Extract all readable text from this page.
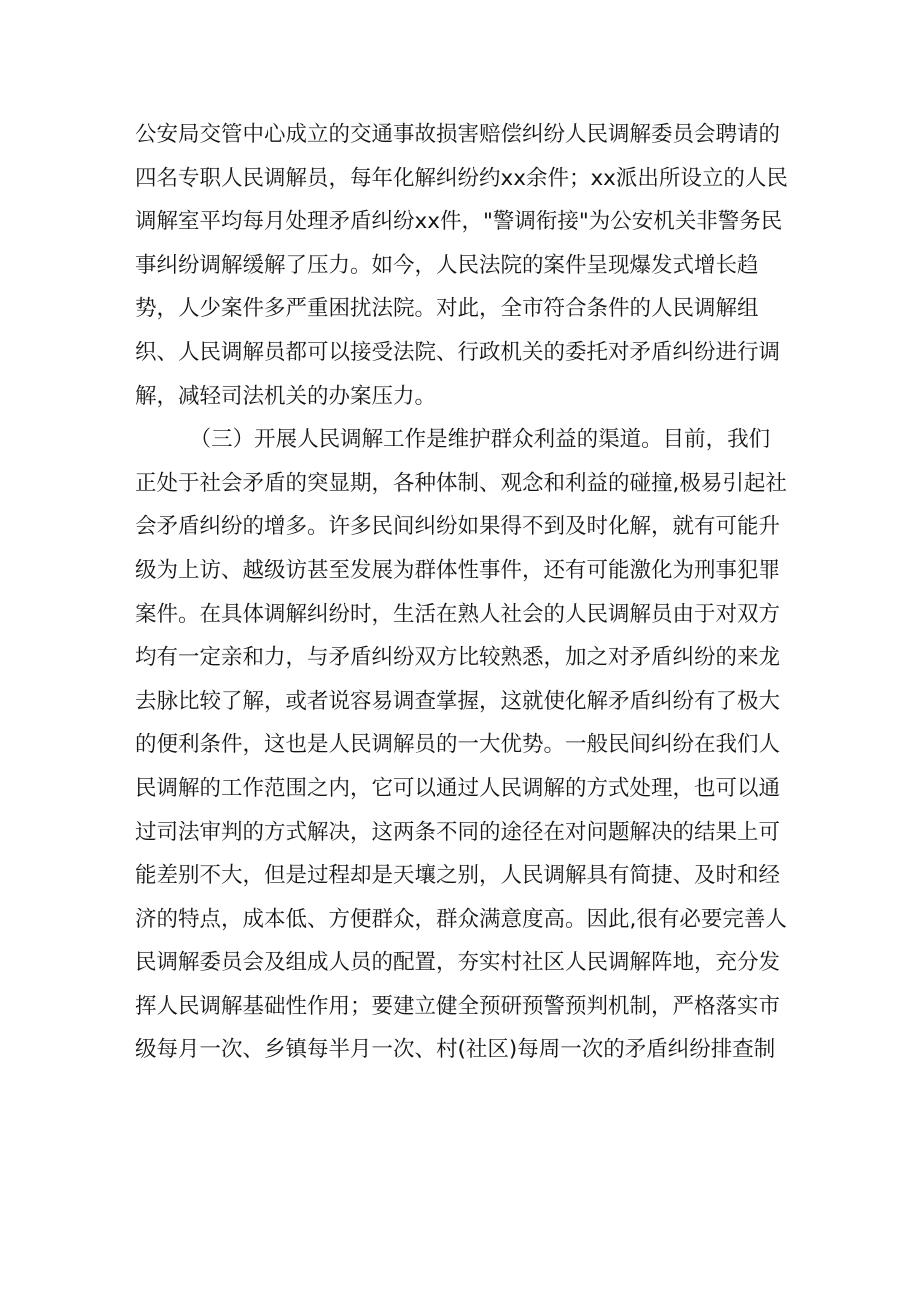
公安局交管中心成立的交通事故损害赔偿纠纷人民调解委员会聘请的
四名专职人民调解员，每年化解纠纷约xx余件；xx派出所设立的人民
调解室平均每月处理矛盾纠纷xx件，"警调衔接"为公安机关非警务民
事纠纷调解缓解了压力。如今，人民法院的案件呈现爆发式增长趋
势，人少案件多严重困扰法院。对此，全市符合条件的人民调解组
织、人民调解员都可以接受法院、行政机关的委托对矛盾纠纷进行调
解，减轻司法机关的办案压力。
（三）开展人民调解工作是维护群众利益的渠道。目前，我们
正处于社会矛盾的突显期，各种体制、观念和利益的碰撞,极易引起社
会矛盾纠纷的增多。许多民间纠纷如果得不到及时化解，就有可能升
级为上访、越级访甚至发展为群体性事件，还有可能激化为刑事犯罪
案件。在具体调解纠纷时，生活在熟人社会的人民调解员由于对双方
均有一定亲和力，与矛盾纠纷双方比较熟悉，加之对矛盾纠纷的来龙
去脉比较了解，或者说容易调查掌握，这就使化解矛盾纠纷有了极大
的便利条件，这也是人民调解员的一大优势。一般民间纠纷在我们人
民调解的工作范围之内，它可以通过人民调解的方式处理，也可以通
过司法审判的方式解决，这两条不同的途径在对问题解决的结果上可
能差别不大，但是过程却是天壤之别，人民调解具有简捷、及时和经
济的特点，成本低、方便群众，群众满意度高。因此,很有必要完善人
民调解委员会及组成人员的配置，夯实村社区人民调解阵地，充分发
挥人民调解基础性作用；要建立健全预研预警预判机制，严格落实市
级每月一次、乡镇每半月一次、村(社区)每周一次的矛盾纠纷排查制
